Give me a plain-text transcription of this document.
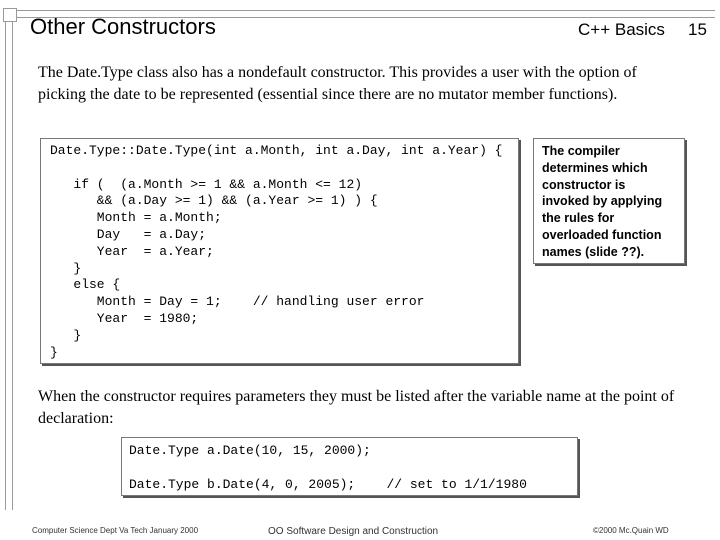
Other Constructors	C++ Basics 15

The Date.Type class also has a nondefault constructor. This provides a user with the option of picking the date to be represented (essential since there are no mutator member functions).

Date.Type::Date.Type(int a.Month, int a.Day, int a.Year) {

if (  (a.Month >= 1 && a.Month <= 12)
&& (a.Day >= 1) && (a.Year >= 1) ) {
Month = a.Month;
Day   = a.Day;
Year  = a.Year;
}
else {
Month = Day = 1;    // handling user error
Year  = 1980;
}
}
The compiler
determines which
constructor is
invoked by applying
the rules for
overloaded function
names (slide ??).

When the constructor requires parameters they must be listed after the variable name at the point of declaration:

Date.Type a.Date(10, 15, 2000);

Date.Type b.Date(4, 0, 2005);    // set to 1/1/1980
Computer Science Dept Va Tech January 2000	OO Software Design and Construction	©2000 Mc.Quain WD
